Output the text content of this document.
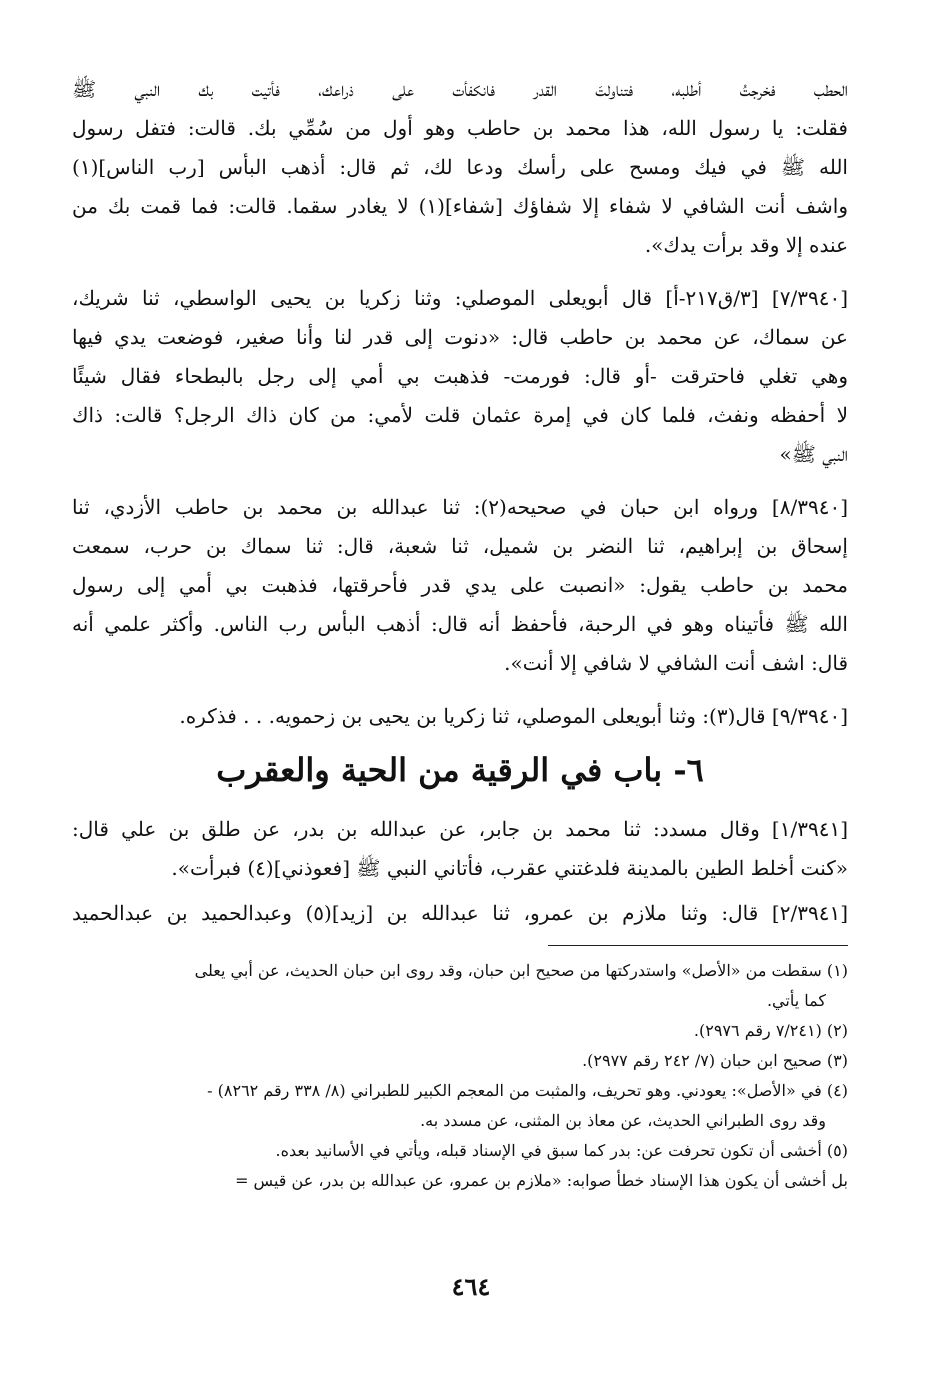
الحطب فخرجتُ أطلبه، فتناولتَ القدر فانكفأت على ذراعك، فأتيت بك النبي ﷺ
فقلت: يا رسول الله، هذا محمد بن حاطب وهو أول من سُمِّي بك. قالت: فتفل رسول
الله ﷺ في فيك ومسح على رأسك ودعا لك، ثم قال: أذهب البأس [رب الناس](١)
واشف أنت الشافي لا شفاء إلا شفاؤك [شفاء](١) لا يغادر سقما. قالت: فما قمت بك من
عنده إلا وقد برأت يدك».
[٧/٣٩٤٠] [٣/ق٢١٧-أ] قال أبويعلى الموصلي: وثنا زكريا بن يحيى الواسطي، ثنا شريك،
عن سماك، عن محمد بن حاطب قال: «دنوت إلى قدر لنا وأنا صغير، فوضعت يدي فيها
وهي تغلي فاحترقت -أو قال: فورمت- فذهبت بي أمي إلى رجل بالبطحاء فقال شيئًا
لا أحفظه ونفث، فلما كان في إمرة عثمان قلت لأمي: من كان ذاك الرجل؟ قالت: ذاك
النبي ﷺ»
[٨/٣٩٤٠] ورواه ابن حبان في صحيحه(٢): ثنا عبدالله بن محمد بن حاطب الأزدي، ثنا
إسحاق بن إبراهيم، ثنا النضر بن شميل، ثنا شعبة، قال: ثنا سماك بن حرب، سمعت
محمد بن حاطب يقول: «انصبت على يدي قدر فأحرقتها، فذهبت بي أمي إلى رسول
الله ﷺ فأتيناه وهو في الرحبة، فأحفظ أنه قال: أذهب البأس رب الناس. وأكثر علمي أنه
قال: اشف أنت الشافي لا شافي إلا أنت».
[٩/٣٩٤٠] قال(٣): وثنا أبويعلى الموصلي، ثنا زكريا بن يحيى بن زحمويه. . . فذكره.
٦- باب في الرقية من الحية والعقرب
[١/٣٩٤١] وقال مسدد: ثنا محمد بن جابر، عن عبدالله بن بدر، عن طلق بن علي قال:
«كنت أخلط الطين بالمدينة فلدغتني عقرب، فأتاني النبي ﷺ [فعوذني](٤) فبرأت».
[٢/٣٩٤١] قال: وثنا ملازم بن عمرو، ثنا عبدالله بن [زيد](٥) وعبدالحميد بن عبدالحميد
(١) سقطت من «الأصل» واستدركتها من صحيح ابن حبان، وقد روى ابن حبان الحديث، عن أبي يعلى
كما يأتي.
(٢) (٧/٢٤١ رقم ٢٩٧٦).
(٣) صحيح ابن حبان (٧/ ٢٤٢ رقم ٢٩٧٧).
(٤) في «الأصل»: يعودني. وهو تحريف، والمثبت من المعجم الكبير للطبراني (٨/ ٣٣٨ رقم ٨٢٦٢) -
وقد روى الطبراني الحديث، عن معاذ بن المثنى، عن مسدد به.
(٥) أخشى أن تكون تحرفت عن: بدر كما سبق في الإسناد قبله، ويأتي في الأسانيد بعده.
بل أخشى أن يكون هذا الإسناد خطأ صوابه: «ملازم بن عمرو، عن عبدالله بن بدر، عن قيس =
٤٦٤
